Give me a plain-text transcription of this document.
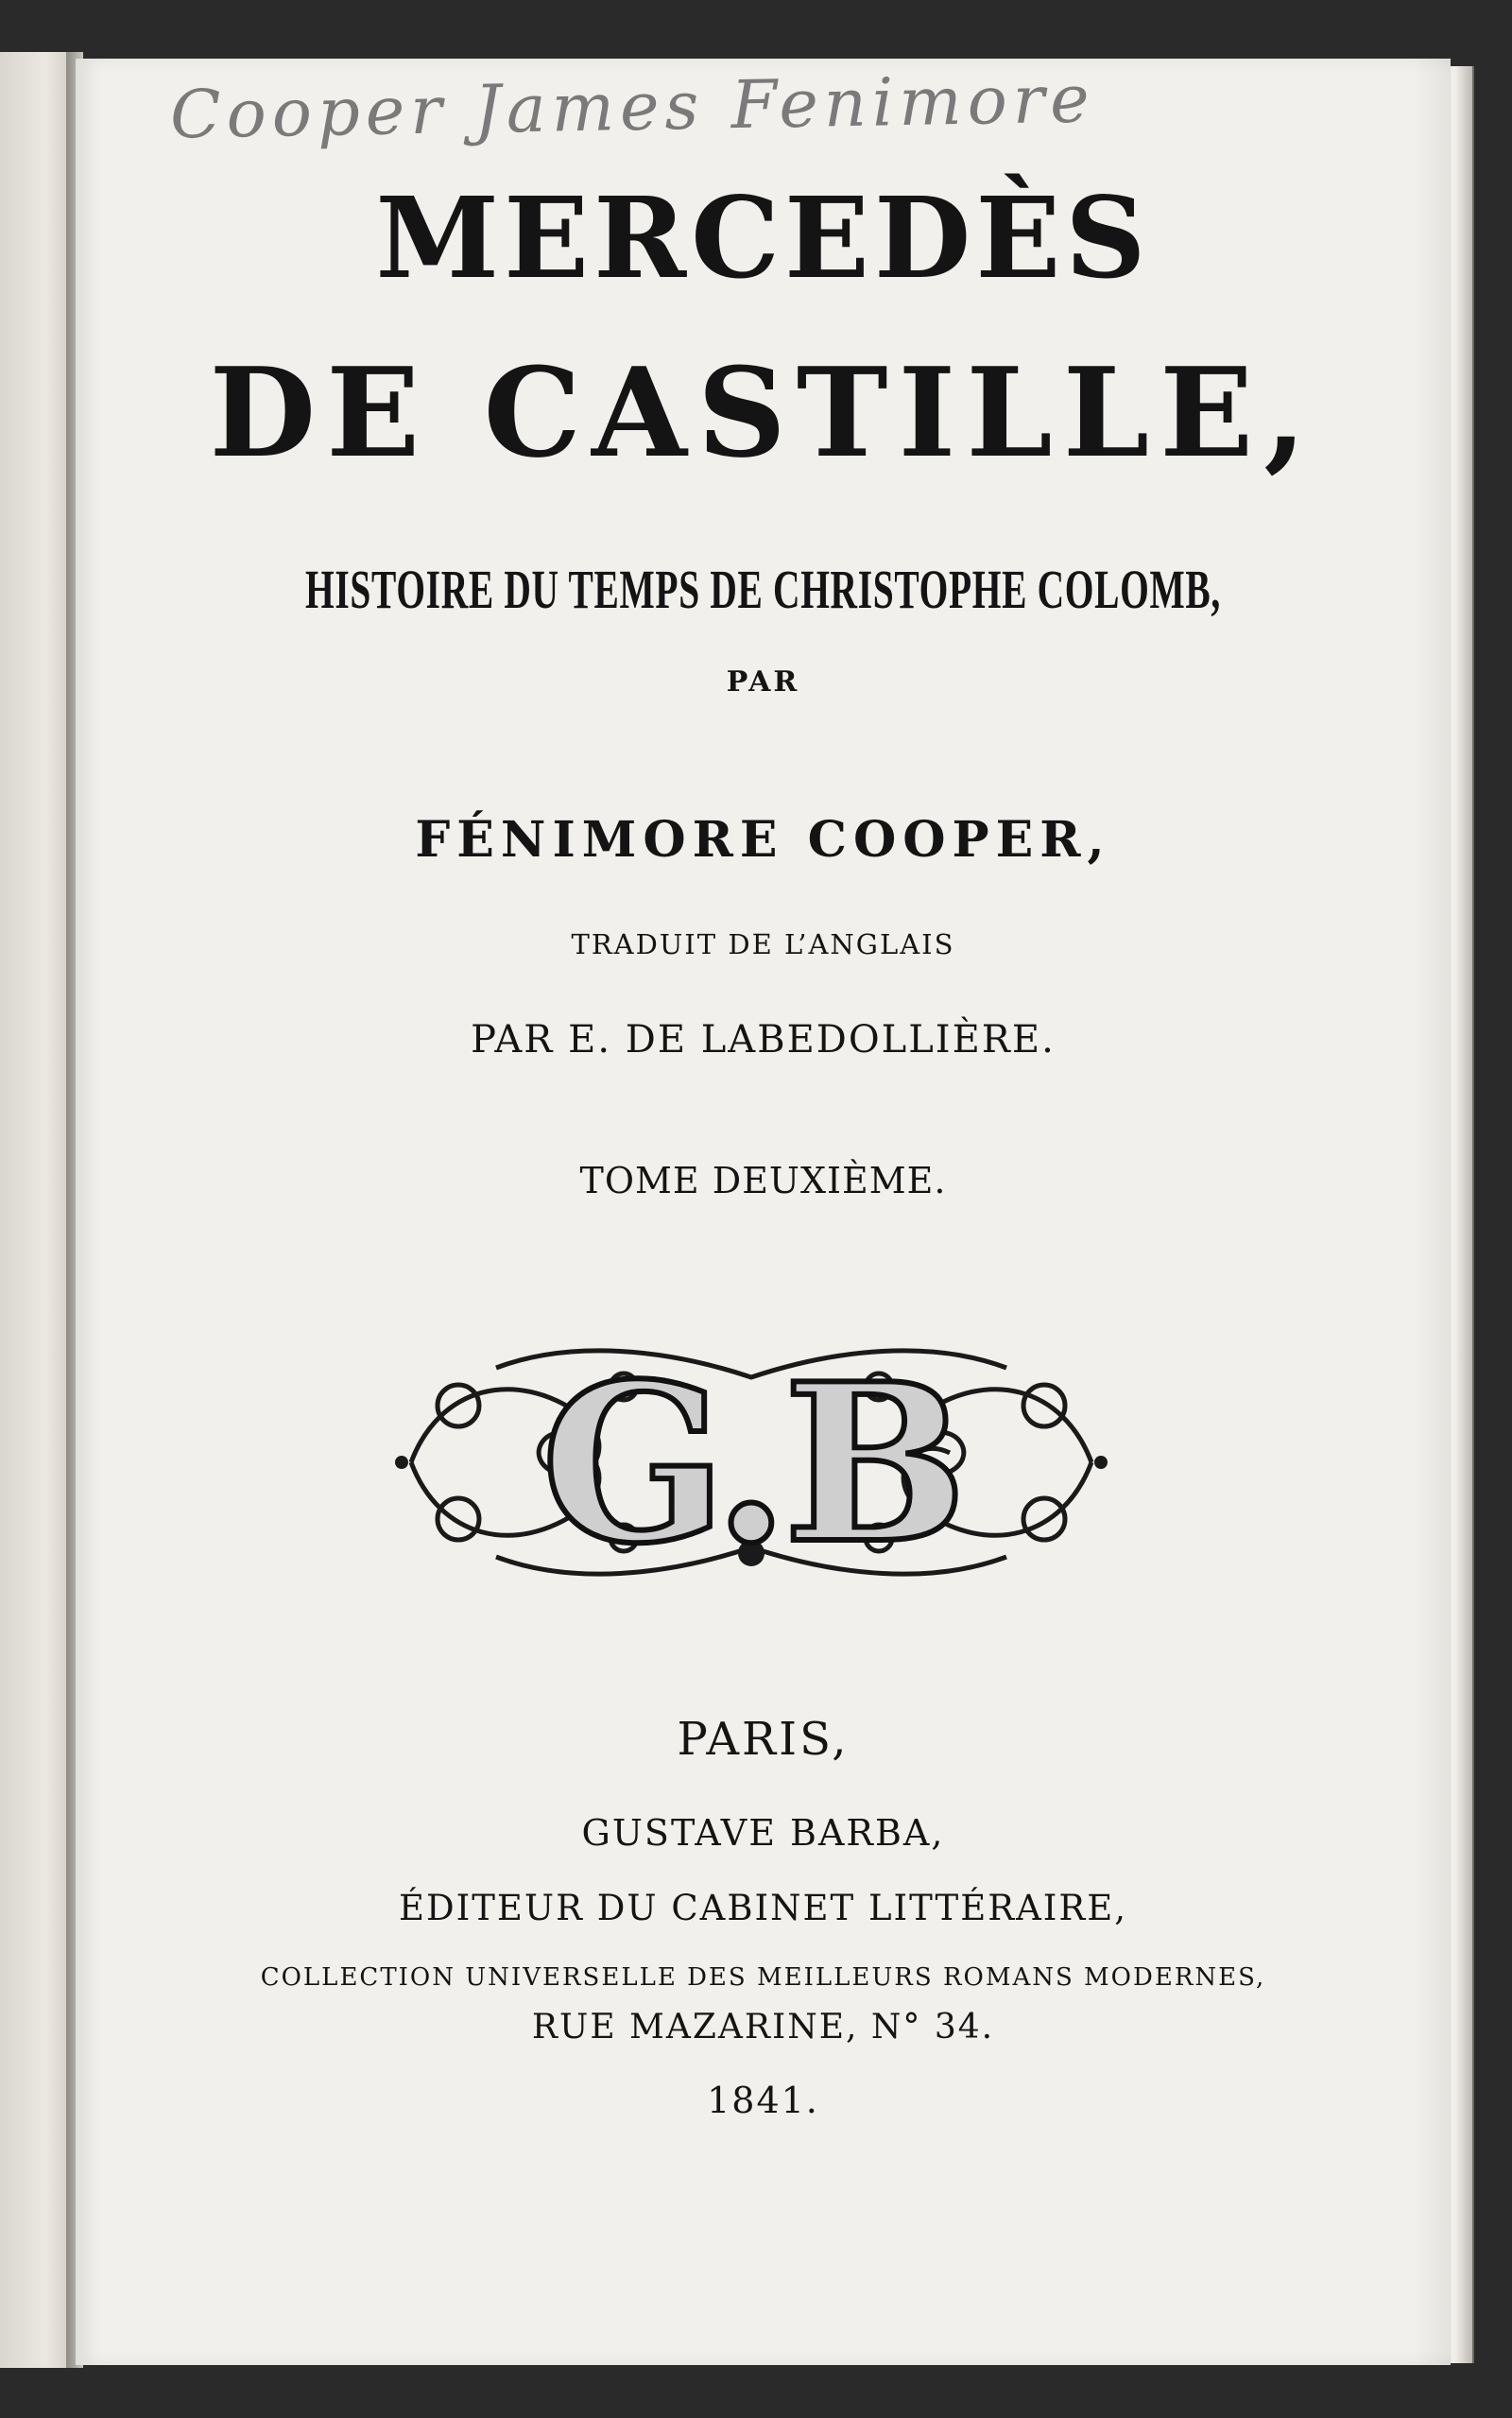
Cooper James Fenimore
MERCEDÈS
DE CASTILLE,
HISTOIRE DU TEMPS DE CHRISTOPHE COLOMB,
PAR
FÉNIMORE COOPER,
TRADUIT DE L’ANGLAIS
PAR E. DE LABEDOLLIÈRE.
TOME DEUXIÈME.
G.B
PARIS,
GUSTAVE BARBA,
ÉDITEUR DU CABINET LITTÉRAIRE,
COLLECTION UNIVERSELLE DES MEILLEURS ROMANS MODERNES,
RUE MAZARINE, N° 34.
1841.
